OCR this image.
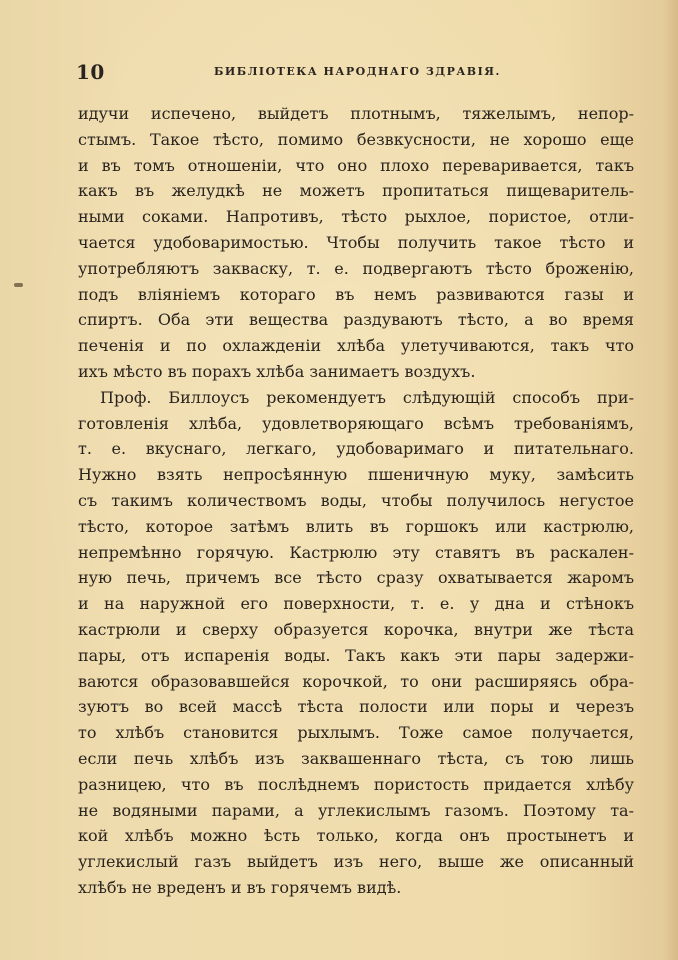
10	БИБЛIОТЕКА НАРОДНАГО ЗДРАВIЯ.
идучи испечено, выйдетъ плотнымъ, тяжелымъ, непор-
стымъ. Такое тѣсто, помимо безвкусности, не хорошо еще
и въ томъ отношенiи, что оно плохо переваривается, такъ
какъ въ желудкѣ не можетъ пропитаться пищеваритель-
ными соками. Напротивъ, тѣсто рыхлое, пористое, отли-
чается удобоваримостью. Чтобы получить такое тѣсто и
употребляютъ закваску, т. е. подвергаютъ тѣсто броженiю,
подъ влiянiемъ котораго въ немъ развиваются газы и
спиртъ. Оба эти вещества раздуваютъ тѣсто, а во время
печенiя и по охлажденiи хлѣба улетучиваются, такъ что
ихъ мѣсто въ порахъ хлѣба занимаетъ воздухъ.
Проф. Биллоусъ рекомендуетъ слѣдующiй способъ при-
готовленiя хлѣба, удовлетворяющаго всѣмъ требованiямъ,
т. е. вкуснаго, легкаго, удобоваримаго и питательнаго.
Нужно взять непросѣянную пшеничную муку, замѣсить
съ такимъ количествомъ воды, чтобы получилось негустое
тѣсто, которое затѣмъ влить въ горшокъ или кастрюлю,
непремѣнно горячую. Кастрюлю эту ставятъ въ раскален-
ную печь, причемъ все тѣсто сразу охватывается жаромъ
и на наружной его поверхности, т. е. у дна и стѣнокъ
кастрюли и сверху образуется корочка, внутри же тѣста
пары, отъ испаренiя воды. Такъ какъ эти пары задержи-
ваются образовавшейся корочкой, то они расширяясь обра-
зуютъ во всей массѣ тѣста полости или поры и черезъ
то хлѣбъ становится рыхлымъ. Тоже самое получается,
если печь хлѣбъ изъ заквашеннаго тѣста, съ тою лишь
разницею, что въ послѣднемъ пористость придается хлѣбу
не водяными парами, а углекислымъ газомъ. Поэтому та-
кой хлѣбъ можно ѣсть только, когда онъ простынетъ и
углекислый газъ выйдетъ изъ него, выше же описанный
хлѣбъ не вреденъ и въ горячемъ видѣ.
